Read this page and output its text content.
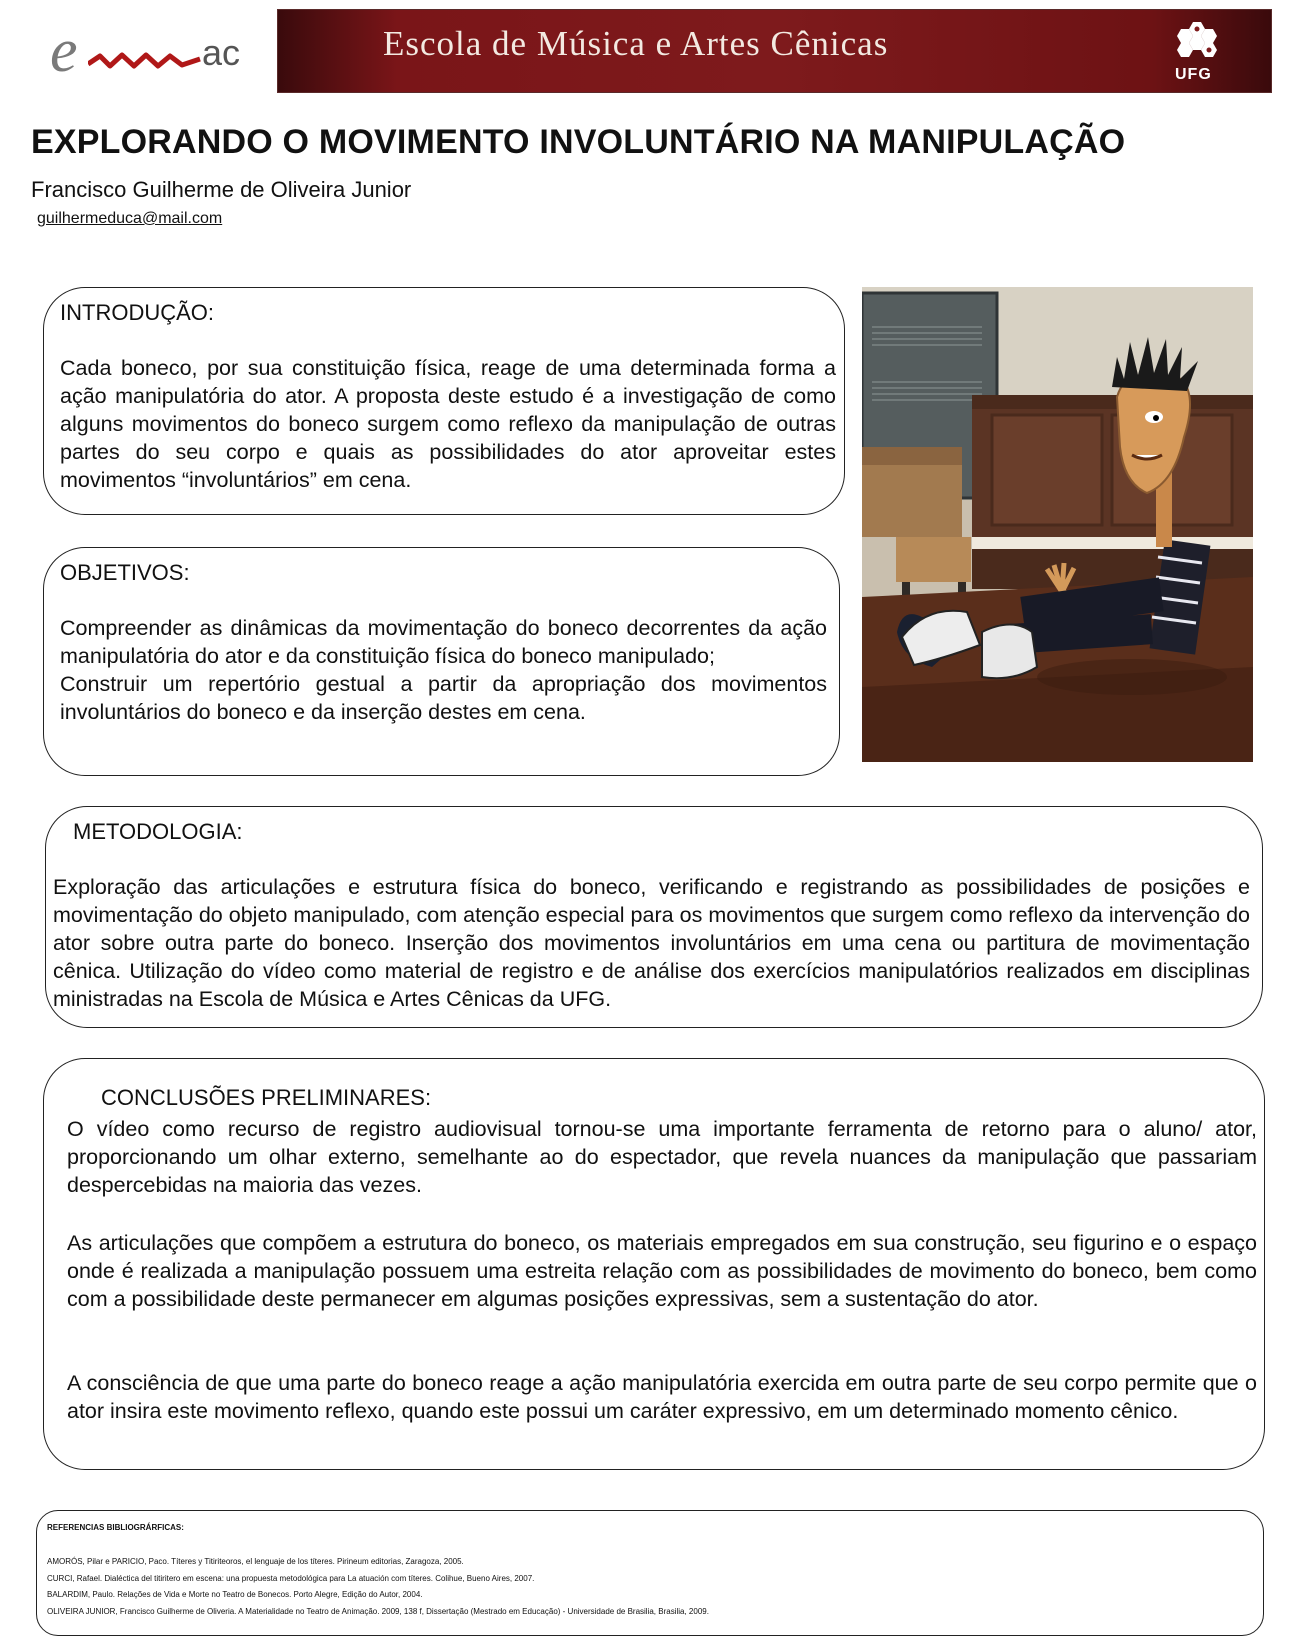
e	ac	Escola de Música e Artes Cênicas
UFG
EXPLORANDO O MOVIMENTO INVOLUNTÁRIO NA MANIPULAÇÃO
Francisco Guilherme de Oliveira Junior
guilhermeduca@mail.com
INTRODUÇÃO:

Cada boneco, por sua constituição física, reage de uma determinada forma a ação manipulatória do ator. A proposta deste estudo é a investigação de como alguns movimentos do boneco surgem como reflexo da manipulação de outras partes do seu corpo e quais as possibilidades do ator aproveitar estes movimentos “involuntários” em cena.

OBJETIVOS:

Compreender as dinâmicas da movimentação do boneco decorrentes da ação manipulatória do ator e da constituição física do boneco manipulado;
Construir um repertório gestual a partir da apropriação dos movimentos involuntários do boneco e da inserção destes em cena.

METODOLOGIA:

Exploração das articulações e estrutura física do boneco, verificando e registrando as possibilidades de posições e movimentação do objeto manipulado, com atenção especial para os movimentos que surgem como reflexo da intervenção do ator sobre outra parte do boneco. Inserção dos movimentos involuntários em uma cena ou partitura de movimentação cênica. Utilização do vídeo como material de registro e de análise dos exercícios manipulatórios realizados em disciplinas ministradas na Escola de Música e Artes Cênicas da UFG.

CONCLUSÕES PRELIMINARES:

O vídeo como recurso de registro audiovisual tornou-se uma importante ferramenta de retorno para o aluno/ ator, proporcionando um olhar externo, semelhante ao do espectador, que revela nuances da manipulação que passariam despercebidas na maioria das vezes.

As articulações que compõem a estrutura do boneco, os materiais empregados em sua construção, seu figurino e o espaço onde é realizada a manipulação possuem uma estreita relação com as possibilidades de movimento do boneco, bem como com a possibilidade deste permanecer em algumas posições expressivas, sem a sustentação do ator.

A consciência de que uma parte do boneco reage a ação manipulatória exercida em outra parte de seu corpo permite que o ator insira este movimento reflexo, quando este possui um caráter expressivo, em um determinado momento cênico.

REFERENCIAS BIBLIOGRÁRFICAS:
AMORÓS, Pilar e PARICIO, Paco. Títeres y Titiriteoros, el lenguaje de los títeres. Pirineum editorias, Zaragoza, 2005.
CURCI, Rafael. Dialéctica del titiritero em escena: una propuesta metodológica para La atuación com títeres. Colihue, Bueno Aires, 2007.
BALARDIM, Paulo. Relações de Vida e Morte no Teatro de Bonecos. Porto Alegre, Edição do Autor, 2004.
OLIVEIRA JUNIOR, Francisco Guilherme de Oliveria. A Materialidade no Teatro de Animação. 2009, 138 f, Dissertação (Mestrado em Educação) - Universidade de Brasilia, Brasilia, 2009.
